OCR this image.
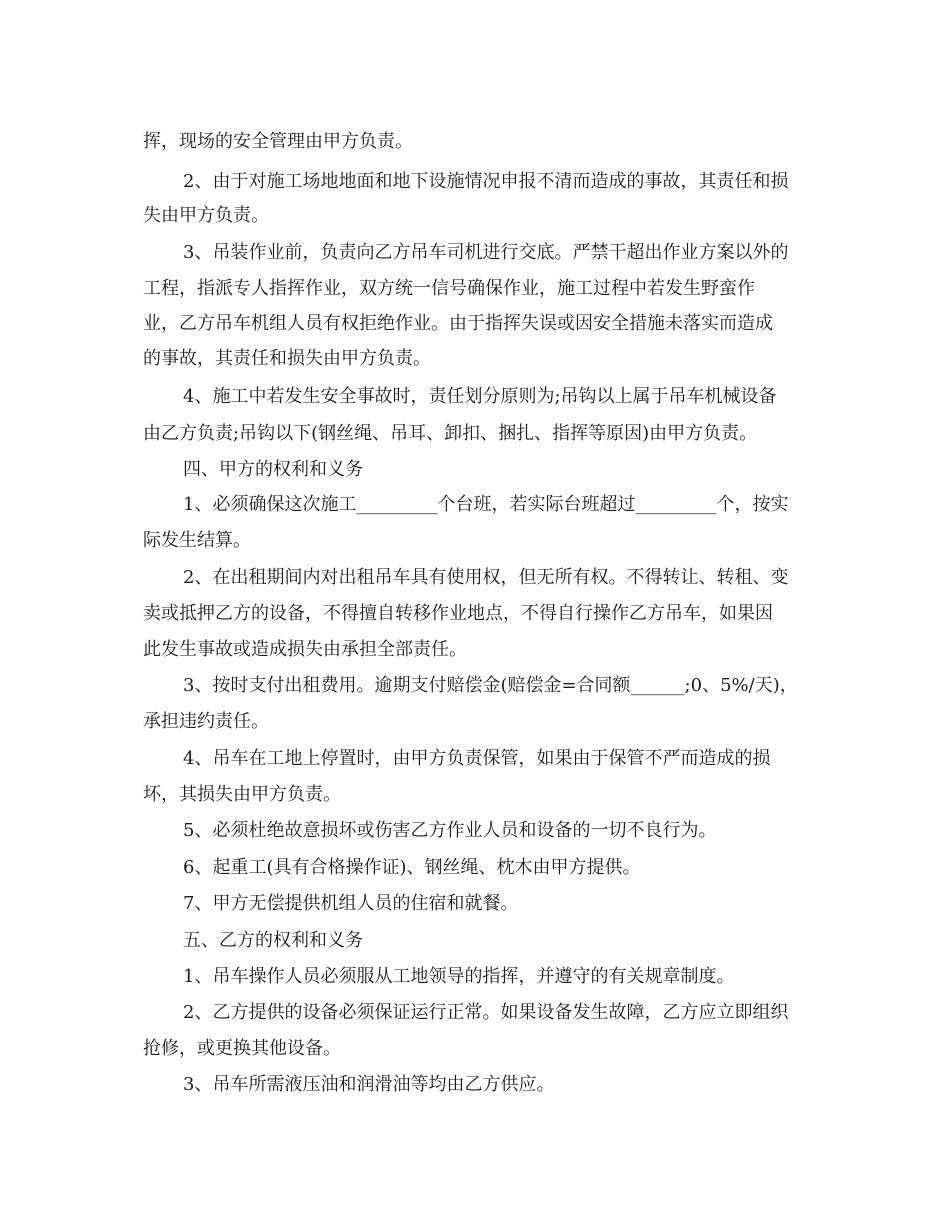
挥，现场的安全管理由甲方负责。
2、由于对施工场地地面和地下设施情况申报不清而造成的事故，其责任和损
失由甲方负责。
3、吊装作业前，负责向乙方吊车司机进行交底。严禁干超出作业方案以外的
工程，指派专人指挥作业，双方统一信号确保作业，施工过程中若发生野蛮作
业，乙方吊车机组人员有权拒绝作业。由于指挥失误或因安全措施未落实而造成
的事故，其责任和损失由甲方负责。
4、施工中若发生安全事故时，责任划分原则为;吊钩以上属于吊车机械设备
由乙方负责;吊钩以下(钢丝绳、吊耳、卸扣、捆扎、指挥等原因)由甲方负责。
四、甲方的权利和义务
1、必须确保这次施工_________个台班，若实际台班超过_________个，按实
际发生结算。
2、在出租期间内对出租吊车具有使用权，但无所有权。不得转让、转租、变
卖或抵押乙方的设备，不得擅自转移作业地点，不得自行操作乙方吊车，如果因
此发生事故或造成损失由承担全部责任。
3、按时支付出租费用。逾期支付赔偿金(赔偿金=合同额______;0、5%/天)，
承担违约责任。
4、吊车在工地上停置时，由甲方负责保管，如果由于保管不严而造成的损
坏，其损失由甲方负责。
5、必须杜绝故意损坏或伤害乙方作业人员和设备的一切不良行为。
6、起重工(具有合格操作证)、钢丝绳、枕木由甲方提供。
7、甲方无偿提供机组人员的住宿和就餐。
五、乙方的权利和义务
1、吊车操作人员必须服从工地领导的指挥，并遵守的有关规章制度。
2、乙方提供的设备必须保证运行正常。如果设备发生故障，乙方应立即组织
抢修，或更换其他设备。
3、吊车所需液压油和润滑油等均由乙方供应。
